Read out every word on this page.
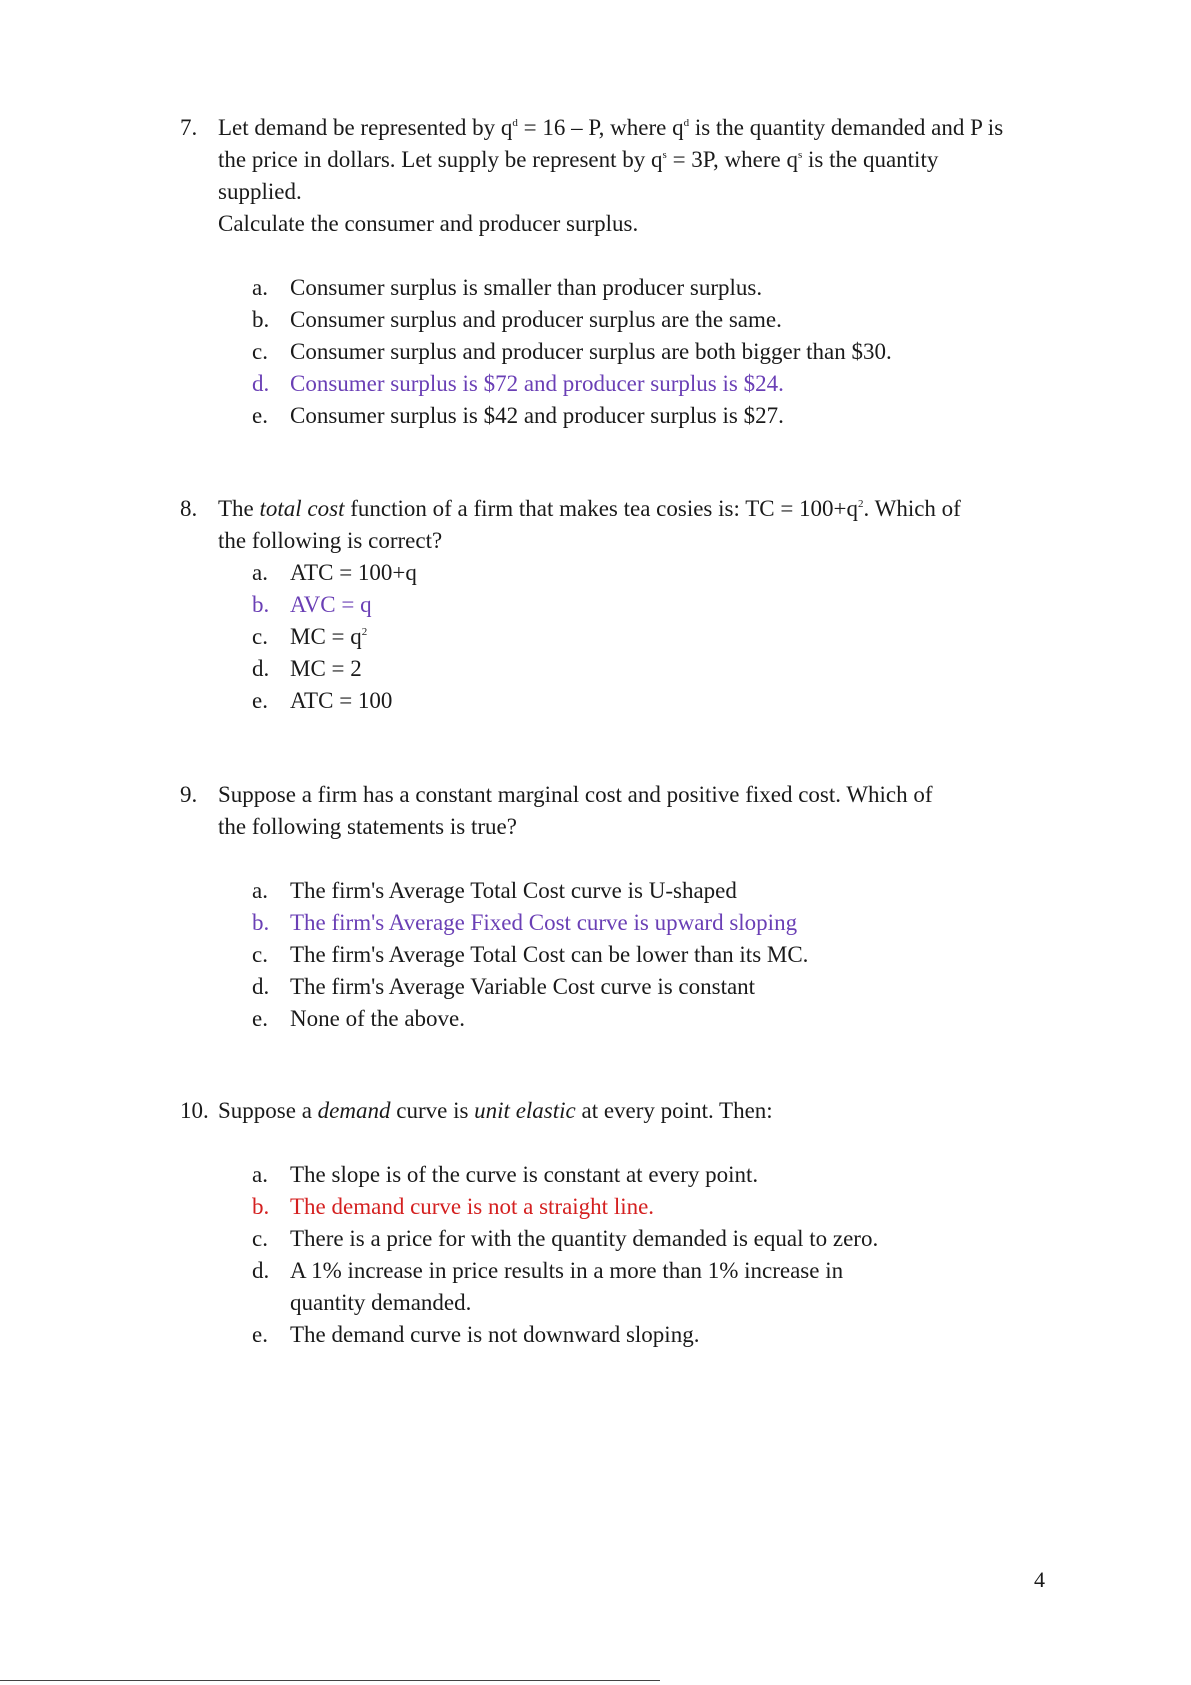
7. Let demand be represented by $q^d = 16 - P$, where $q^d$ is the quantity demanded and P is

the price in dollars. Let supply be represent by $q^s = 3P$, where $q^s$ is the quantity

supplied.

Calculate the consumer and producer surplus.

a. Consumer surplus is smaller than producer surplus.
b. Consumer surplus and producer surplus are the same.
c. Consumer surplus and producer surplus are both bigger than $30.
d. Consumer surplus is $72 and producer surplus is $24.
e. Consumer surplus is $42 and producer surplus is $27.
8. The total cost function of a firm that makes tea cosies is: TC = $100+q^2$. Which of

the following is correct?

a. ATC = 100+q
b. AVC = q
c. MC = $q^2$
d. MC = 2
e. ATC = 100
9. Suppose a firm has a constant marginal cost and positive fixed cost. Which of

the following statements is true?

a. The firm's Average Total Cost curve is U-shaped
b. The firm's Average Fixed Cost curve is upward sloping
c. The firm's Average Total Cost can be lower than its MC.
d. The firm's Average Variable Cost curve is constant
e. None of the above.
10. Suppose a demand curve is unit elastic at every point. Then:

a. The slope is of the curve is constant at every point.
b. The demand curve is not a straight line.
c. There is a price for with the quantity demanded is equal to zero.
d. A 1% increase in price results in a more than 1% increase in
quantity demanded.
e. The demand curve is not downward sloping.
4
